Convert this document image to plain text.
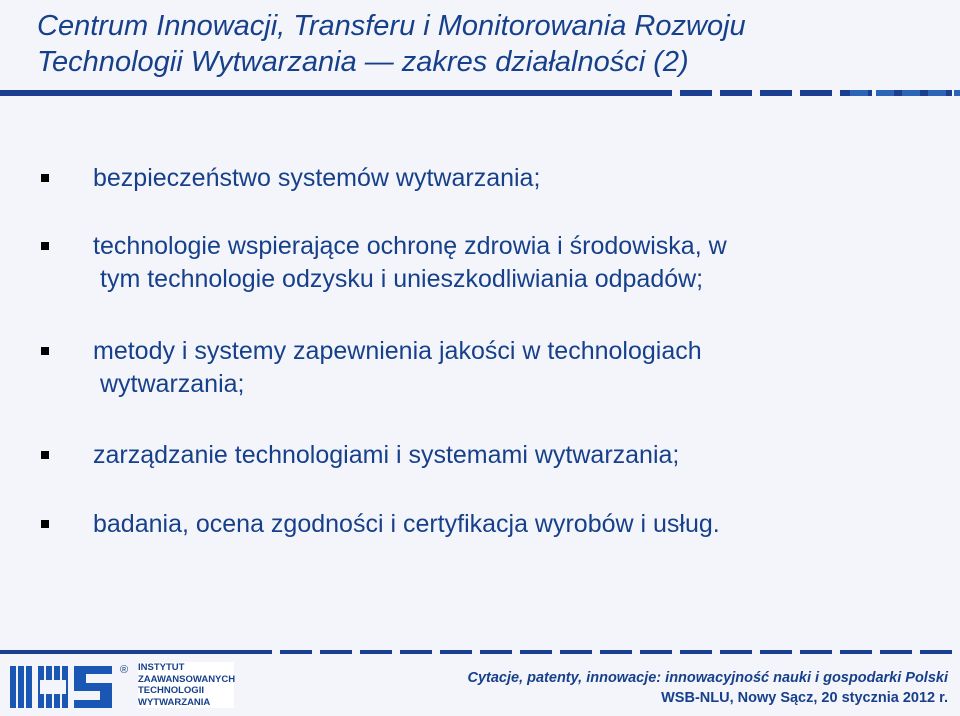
Centrum Innowacji, Transferu i Monitorowania Rozwoju
Technologii Wytwarzania — zakres działalności (2)
bezpieczeństwo systemów wytwarzania;
technologie wspierające ochronę zdrowia i środowiska, w
tym technologie odzysku i unieszkodliwiania odpadów;
metody i systemy zapewnienia jakości w technologiach
wytwarzania;
zarządzanie technologiami i systemami wytwarzania;
badania, ocena zgodności i certyfikacja wyrobów i usług.
® INSTYTUT
ZAAWANSOWANYCH
TECHNOLOGII
WYTWARZANIA
Cytacje, patenty, innowacje: innowacyjność nauki i gospodarki Polski
WSB-NLU, Nowy Sącz, 20 stycznia 2012 r.
